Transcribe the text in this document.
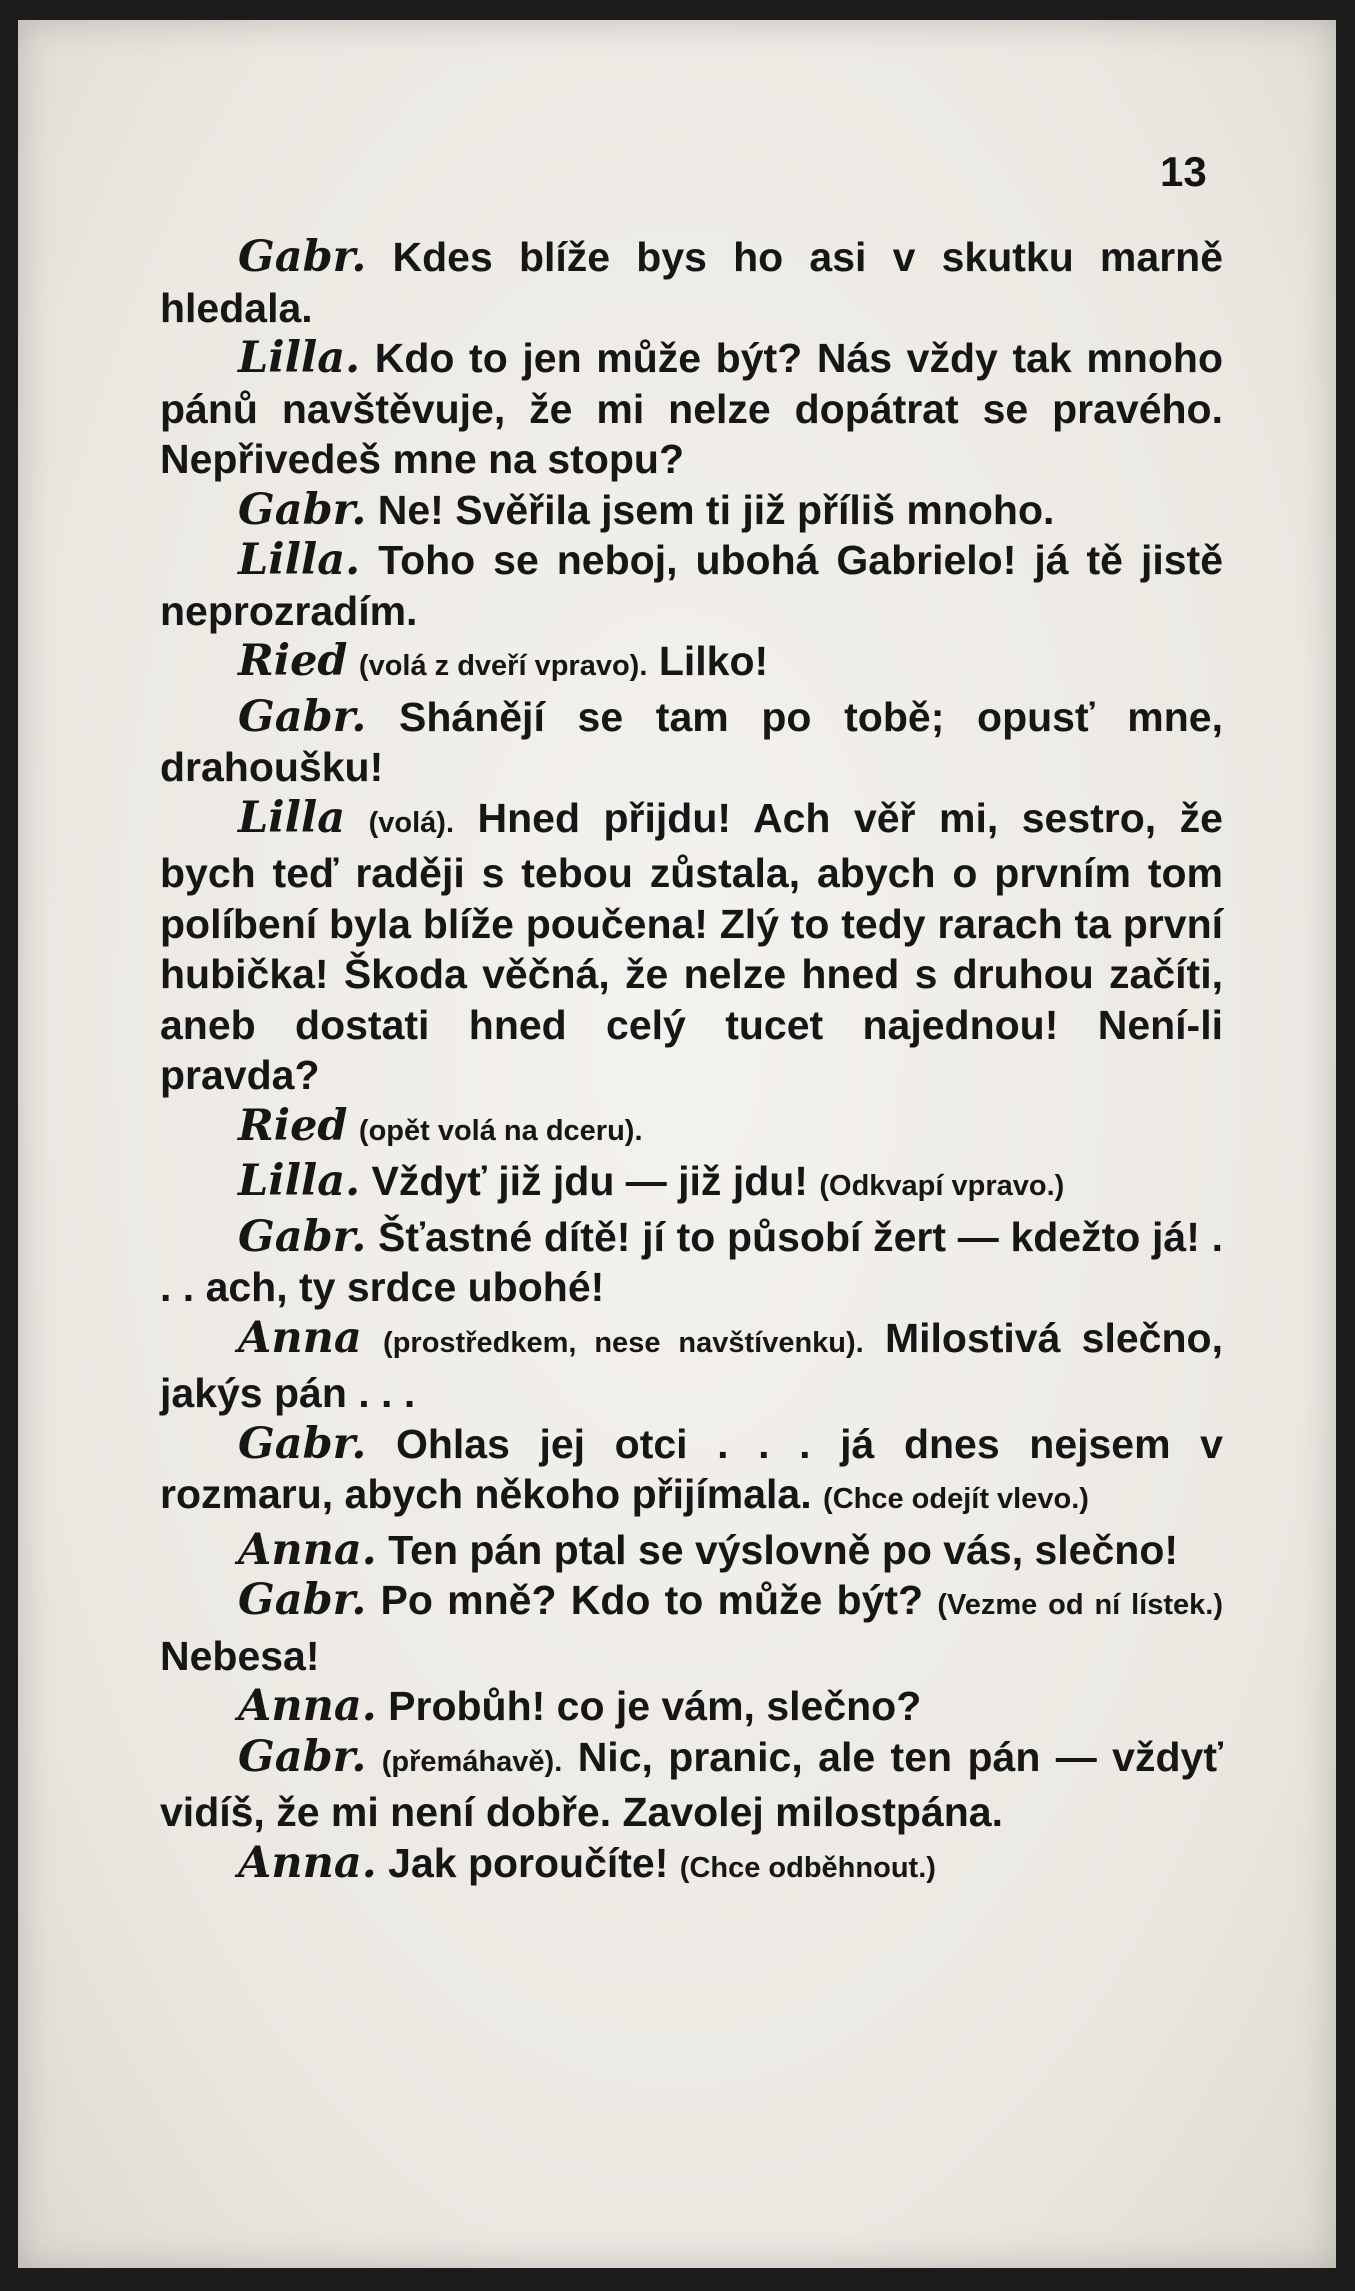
13

Gabr. Kdes blíže bys ho asi v skutku marně hledala.

Lilla. Kdo to jen může být? Nás vždy tak mnoho pánů navštěvuje, že mi nelze dopátrat se pravého. Nepřivedeš mne na stopu?

Gabr. Ne! Svěřila jsem ti již příliš mnoho.

Lilla. Toho se neboj, ubohá Gabrielo! já tě jistě neprozradím.

Ried (volá z dveří vpravo). Lilko!

Gabr. Shánějí se tam po tobě; opusť mne, drahoušku!

Lilla (volá). Hned přijdu! Ach věř mi, sestro, že bych teď raději s tebou zůstala, abych o prvním tom políbení byla blíže poučena! Zlý to tedy rarach ta první hubička! Škoda věčná, že nelze hned s druhou začíti, aneb dostati hned celý tucet najednou! Není-li pravda?

Ried (opět volá na dceru).

Lilla. Vždyť již jdu — již jdu! (Odkvapí vpravo.)

Gabr. Šťastné dítě! jí to působí žert — kdežto já! . . . ach, ty srdce ubohé!

Anna (prostředkem, nese navštívenku). Milostivá slečno, jakýs pán . . .

Gabr. Ohlas jej otci . . . já dnes nejsem v rozmaru, abych někoho přijímala. (Chce odejít vlevo.)

Anna. Ten pán ptal se výslovně po vás, slečno!

Gabr. Po mně? Kdo to může být? (Vezme od ní lístek.) Nebesa!

Anna. Probůh! co je vám, slečno?

Gabr. (přemáhavě). Nic, pranic, ale ten pán — vždyť vidíš, že mi není dobře. Zavolej milostpána.

Anna. Jak poroučíte! (Chce odběhnout.)
